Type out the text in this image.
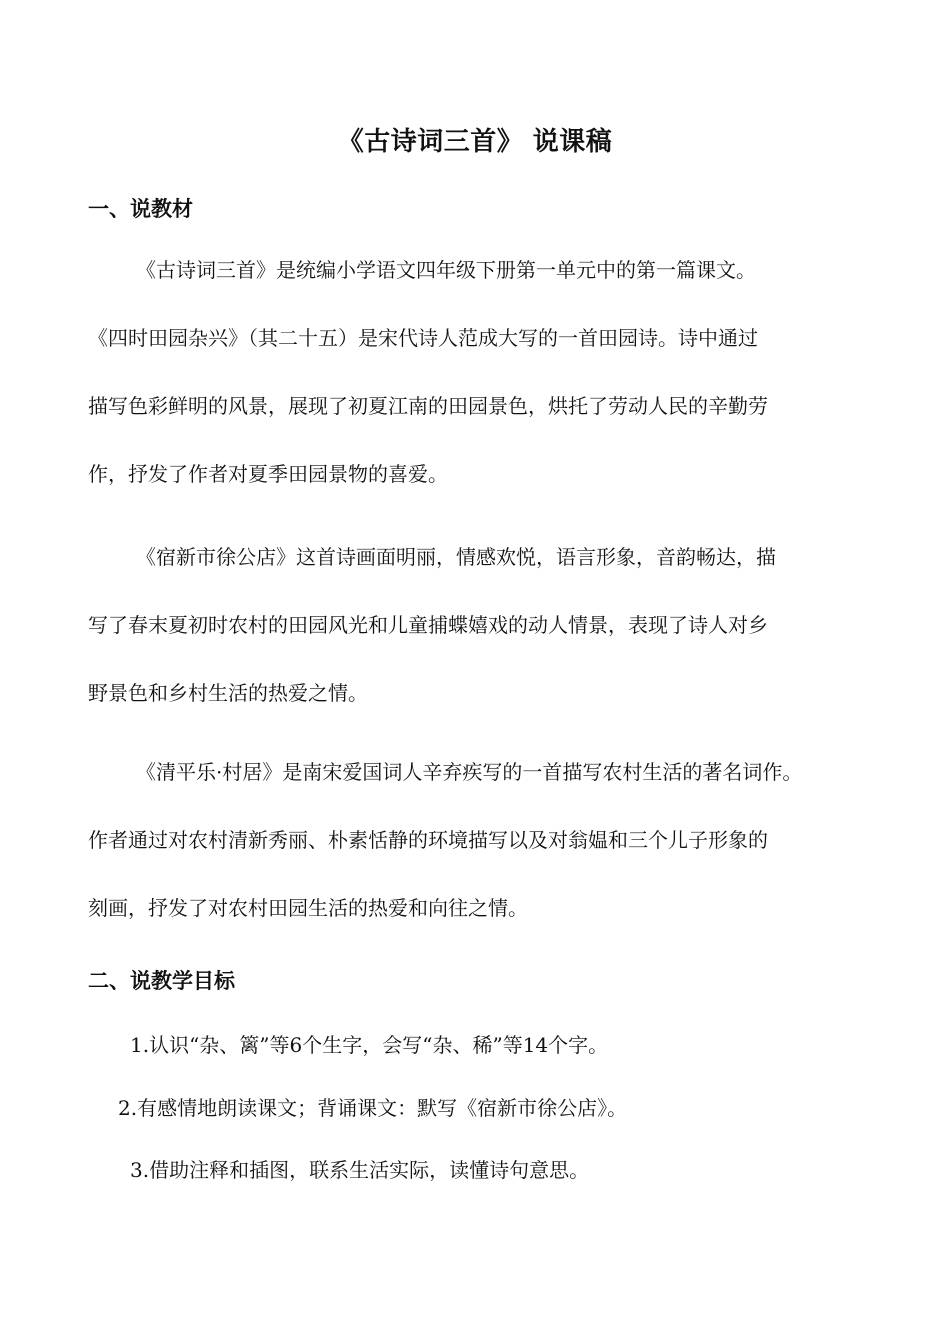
《古诗词三首》 说课稿
一、说教材
《古诗词三首》是统编小学语文四年级下册第一单元中的第一篇课文。
《四时田园杂兴》（其二十五）是宋代诗人范成大写的一首田园诗。诗中通过
描写色彩鲜明的风景，展现了初夏江南的田园景色，烘托了劳动人民的辛勤劳
作，抒发了作者对夏季田园景物的喜爱。
《宿新市徐公店》这首诗画面明丽，情感欢悦，语言形象，音韵畅达，描
写了春末夏初时农村的田园风光和儿童捕蝶嬉戏的动人情景，表现了诗人对乡
野景色和乡村生活的热爱之情。
《清平乐·村居》是南宋爱国词人辛弃疾写的一首描写农村生活的著名词作。
作者通过对农村清新秀丽、朴素恬静的环境描写以及对翁媪和三个儿子形象的
刻画，抒发了对农村田园生活的热爱和向往之情。
二、说教学目标
1.认识“杂、篱”等6个生字，会写“杂、稀”等14个字。
2.有感情地朗读课文；背诵课文：默写《宿新市徐公店》。
3.借助注释和插图，联系生活实际，读懂诗句意思。
